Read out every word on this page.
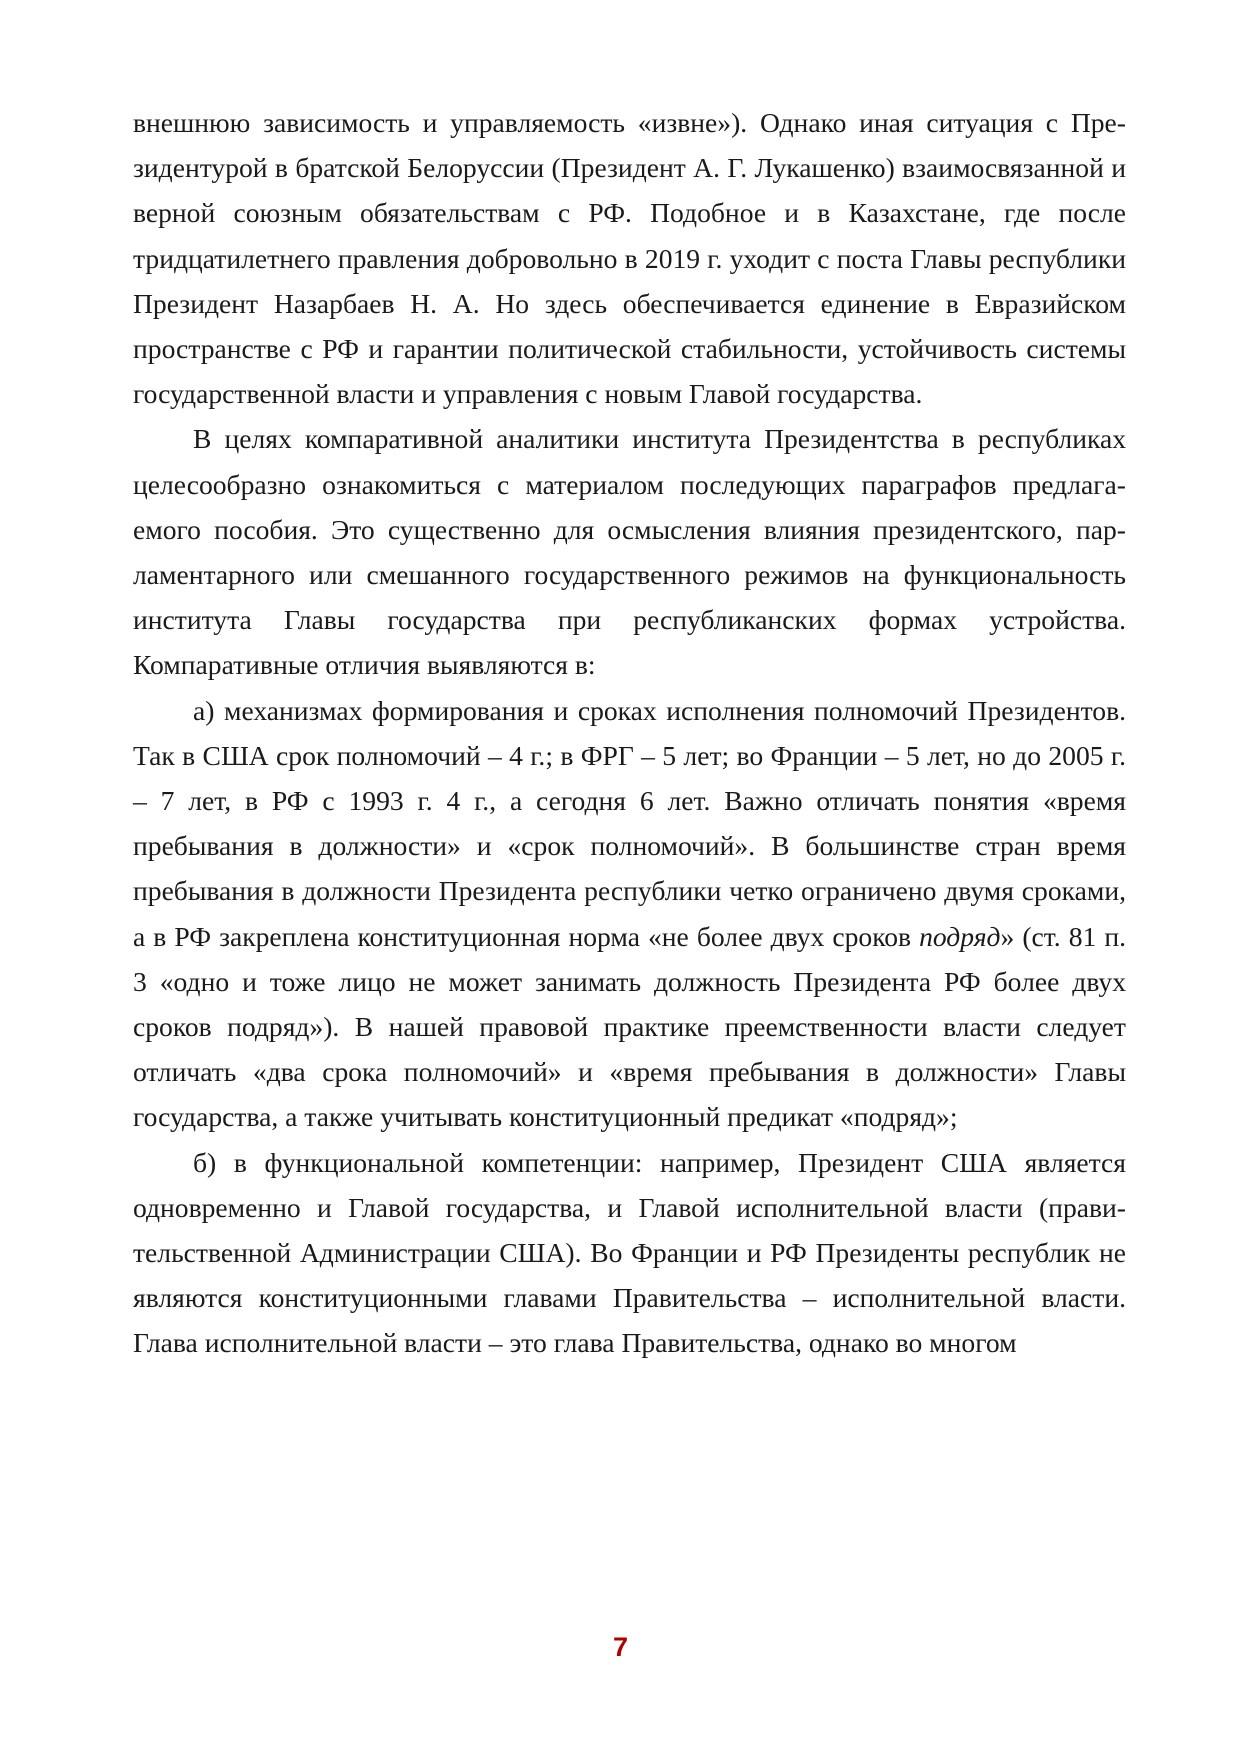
внешнюю зависимость и управляемость «извне»). Однако иная ситуация с Президентурой в братской Белоруссии (Президент А. Г. Лукашенко) взаимосвязанной и верной союзным обязательствам с РФ. Подобное и в Казахстане, где после тридцатилетнего правления добровольно в 2019 г. уходит с поста Главы республики Президент Назарбаев Н. А. Но здесь обеспечивается единение в Евразийском пространстве с РФ и гарантии политической стабильности, устойчивость системы государственной власти и управления с новым Главой государства.

В целях компаративной аналитики института Президентства в республиках целесообразно ознакомиться с материалом последующих параграфов предлагаемого пособия. Это существенно для осмысления влияния президентского, парламентарного или смешанного государственного режимов на функциональность института Главы государства при республиканских формах устройства. Компаративные отличия выявляются в:

а) механизмах формирования и сроках исполнения полномочий Президентов. Так в США срок полномочий – 4 г.; в ФРГ – 5 лет; во Франции – 5 лет, но до 2005 г. – 7 лет, в РФ с 1993 г. 4 г., а сегодня 6 лет. Важно отличать понятия «время пребывания в должности» и «срок полномочий». В большинстве стран время пребывания в должности Президента республики четко ограничено двумя сроками, а в РФ закреплена конституционная норма «не более двух сроков подряд» (ст. 81 п. 3 «одно и тоже лицо не может занимать должность Президента РФ более двух сроков подряд»). В нашей правовой практике преемственности власти следует отличать «два срока полномочий» и «время пребывания в должности» Главы государства, а также учитывать конституционный предикат «подряд»;

б) в функциональной компетенции: например, Президент США является одновременно и Главой государства, и Главой исполнительной власти (правительственной Администрации США). Во Франции и РФ Президенты республик не являются конституционными главами Правительства – исполнительной власти. Глава исполнительной власти – это глава Правительства, однако во многом

7
